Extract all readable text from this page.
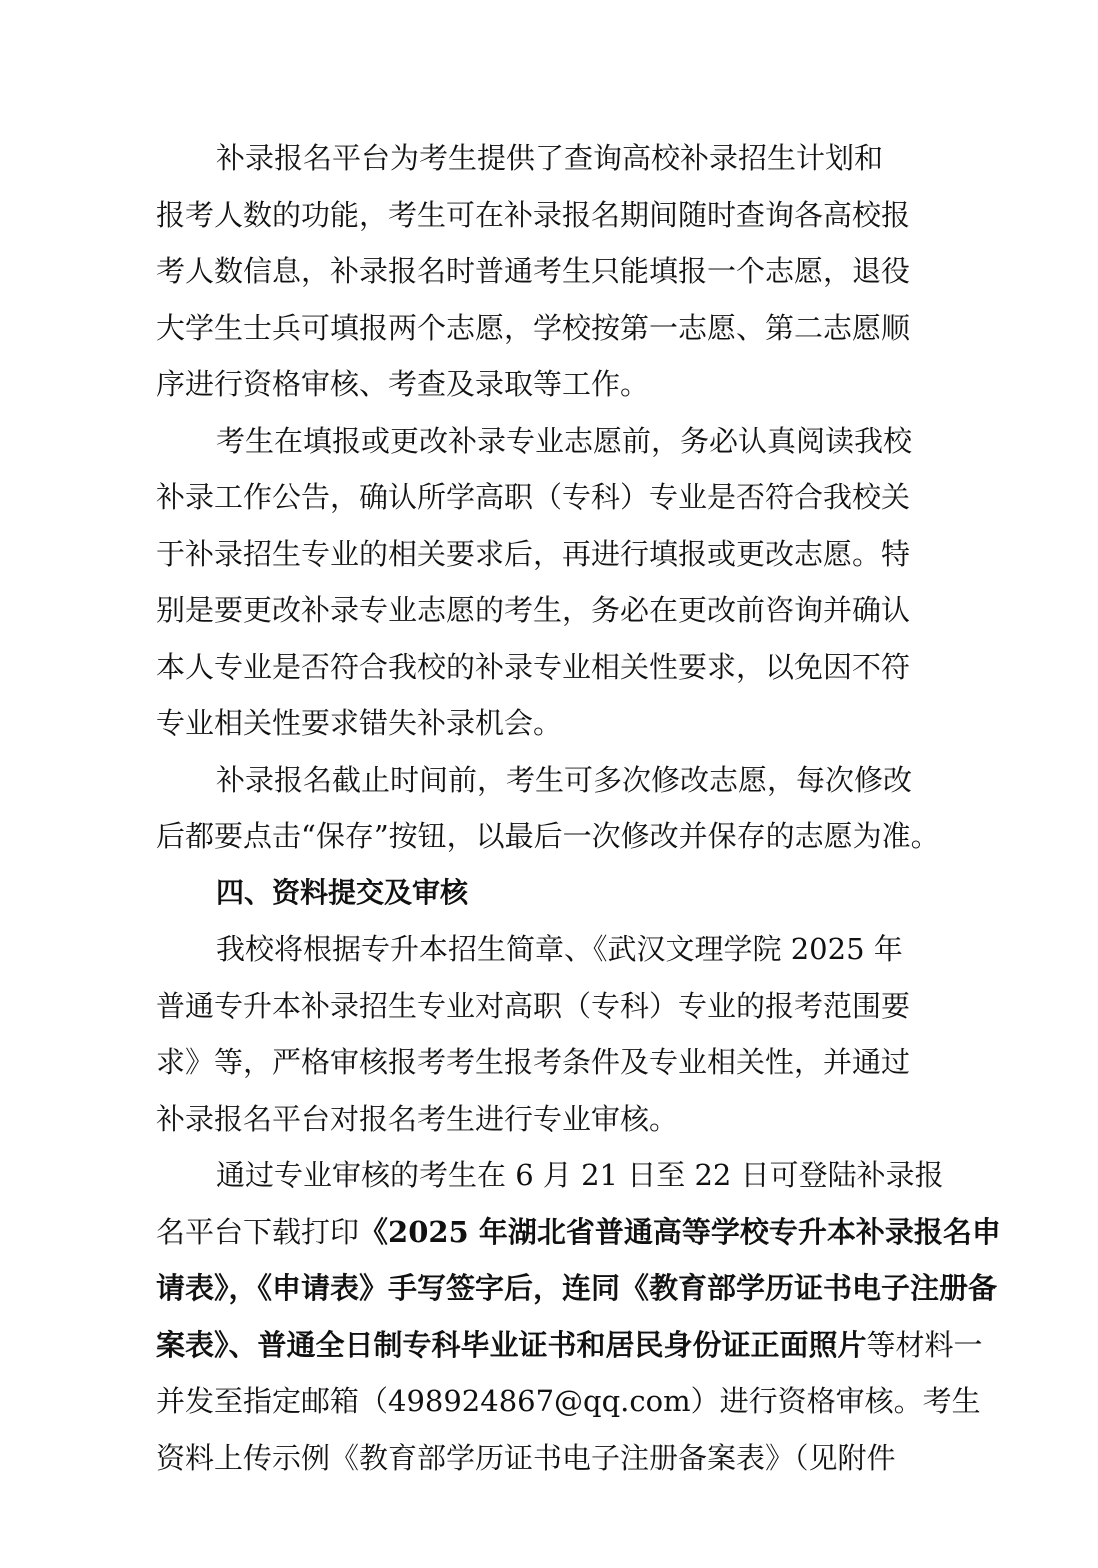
补录报名平台为考生提供了查询高校补录招生计划和
报考人数的功能，考生可在补录报名期间随时查询各高校报
考人数信息，补录报名时普通考生只能填报一个志愿，退役
大学生士兵可填报两个志愿，学校按第一志愿、第二志愿顺
序进行资格审核、考查及录取等工作。
考生在填报或更改补录专业志愿前，务必认真阅读我校
补录工作公告，确认所学高职（专科）专业是否符合我校关
于补录招生专业的相关要求后，再进行填报或更改志愿。特
别是要更改补录专业志愿的考生，务必在更改前咨询并确认
本人专业是否符合我校的补录专业相关性要求，以免因不符
专业相关性要求错失补录机会。
补录报名截止时间前，考生可多次修改志愿，每次修改
后都要点击“保存”按钮，以最后一次修改并保存的志愿为准。
四、资料提交及审核
我校将根据专升本招生简章、《武汉文理学院 2025 年
普通专升本补录招生专业对高职（专科）专业的报考范围要
求》等，严格审核报考考生报考条件及专业相关性，并通过
补录报名平台对报名考生进行专业审核。
通过专业审核的考生在 6 月 21 日至 22 日可登陆补录报
名平台下载打印《2025 年湖北省普通高等学校专升本补录报名申
请表》，《申请表》手写签字后，连同《教育部学历证书电子注册备
案表》、普通全日制专科毕业证书和居民身份证正面照片等材料一
并发至指定邮箱（498924867@qq.com）进行资格审核。考生
资料上传示例《教育部学历证书电子注册备案表》（见附件
